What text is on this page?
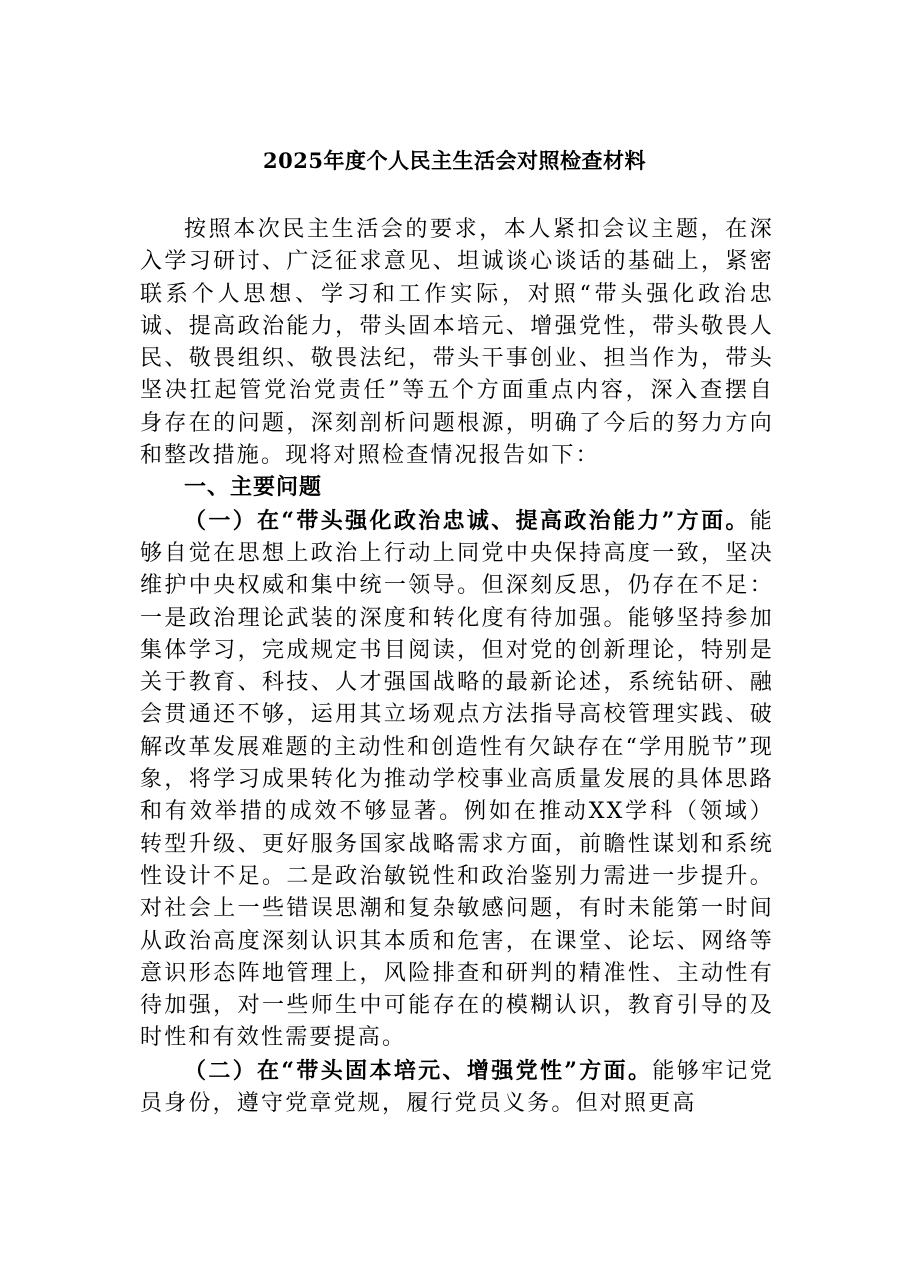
2025年度个人民主生活会对照检查材料

按照本次民主生活会的要求，本人紧扣会议主题，在深入学习研讨、广泛征求意见、坦诚谈心谈话的基础上，紧密联系个人思想、学习和工作实际，对照“带头强化政治忠诚、提高政治能力，带头固本培元、增强党性，带头敬畏人民、敬畏组织、敬畏法纪，带头干事创业、担当作为，带头坚决扛起管党治党责任”等五个方面重点内容，深入查摆自身存在的问题，深刻剖析问题根源，明确了今后的努力方向和整改措施。现将对照检查情况报告如下：

一、主要问题

（一）在“带头强化政治忠诚、提高政治能力”方面。能够自觉在思想上政治上行动上同党中央保持高度一致，坚决维护中央权威和集中统一领导。但深刻反思，仍存在不足：一是政治理论武装的深度和转化度有待加强。能够坚持参加集体学习，完成规定书目阅读，但对党的创新理论，特别是关于教育、科技、人才强国战略的最新论述，系统钻研、融会贯通还不够，运用其立场观点方法指导高校管理实践、破解改革发展难题的主动性和创造性有欠缺存在“学用脱节”现象，将学习成果转化为推动学校事业高质量发展的具体思路和有效举措的成效不够显著。例如在推动XX学科（领域）转型升级、更好服务国家战略需求方面，前瞻性谋划和系统性设计不足。二是政治敏锐性和政治鉴别力需进一步提升。对社会上一些错误思潮和复杂敏感问题，有时未能第一时间从政治高度深刻认识其本质和危害，在课堂、论坛、网络等意识形态阵地管理上，风险排查和研判的精准性、主动性有待加强，对一些师生中可能存在的模糊认识，教育引导的及时性和有效性需要提高。

（二）在“带头固本培元、增强党性”方面。能够牢记党员身份，遵守党章党规，履行党员义务。但对照更高
